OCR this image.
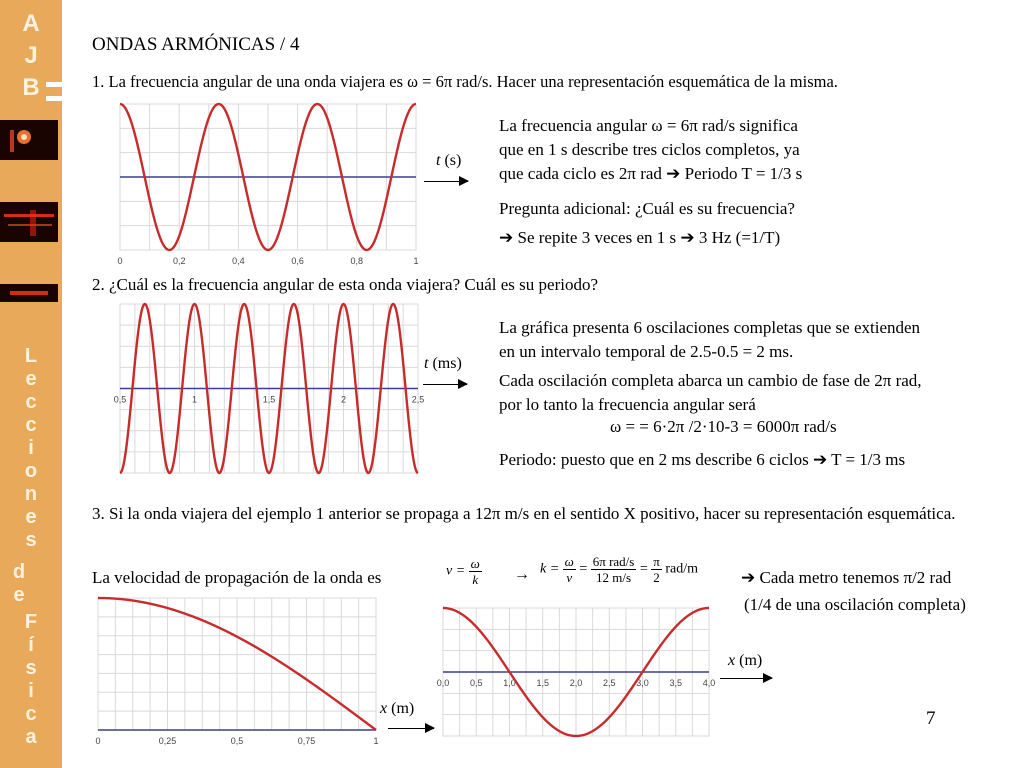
A
J
B
L
e
c
c
i
o
n
e
s
d
e
F
í
s
i
c
a
ONDAS ARMÓNICAS / 4
1. La frecuencia angular de una onda viajera es ω = 6π rad/s. Hacer una representación esquemática de la misma.
0	0,2	0,4	0,6	0,8	1
t (s)
La frecuencia angular ω = 6π rad/s significa
que en 1 s describe tres ciclos completos, ya
que cada ciclo es 2π rad ➔ Periodo T = 1/3 s
Pregunta adicional: ¿Cuál es su frecuencia?
➔ Se repite 3 veces en 1 s ➔ 3 Hz (=1/T)
2. ¿Cuál es la frecuencia angular de esta onda viajera? Cuál es su periodo?
0,5	1	1,5	2	2,5
t (ms)
La gráfica presenta 6 oscilaciones completas que se extienden
en un intervalo temporal de 2.5-0.5 = 2 ms.
Cada oscilación completa abarca un cambio de fase de 2π rad,
por lo tanto la frecuencia angular será
ω = = 6·2π /2·10-3 = 6000π rad/s
Periodo: puesto que en 2 ms describe 6 ciclos ➔ T = 1/3 ms
3. Si la onda viajera del ejemplo 1 anterior se propaga a 12π m/s en el sentido X positivo, hacer su representación esquemática.
La velocidad de propagación de la onda es	$v = \frac{\omega}{k} \to k = \frac{\omega}{v} = \frac{\text{6π rad/s}}{12 m/s} = \frac{\pi}{2} rad/m$	➔ Cada metro tenemos π/2 rad
(1/4 de una oscilación completa)
0	0,25	0,5	0,75	1
x (m)
0,0 0,5 1,0 1,5 2,0 2,5 3,0 3,5 4,0
x (m)
7
